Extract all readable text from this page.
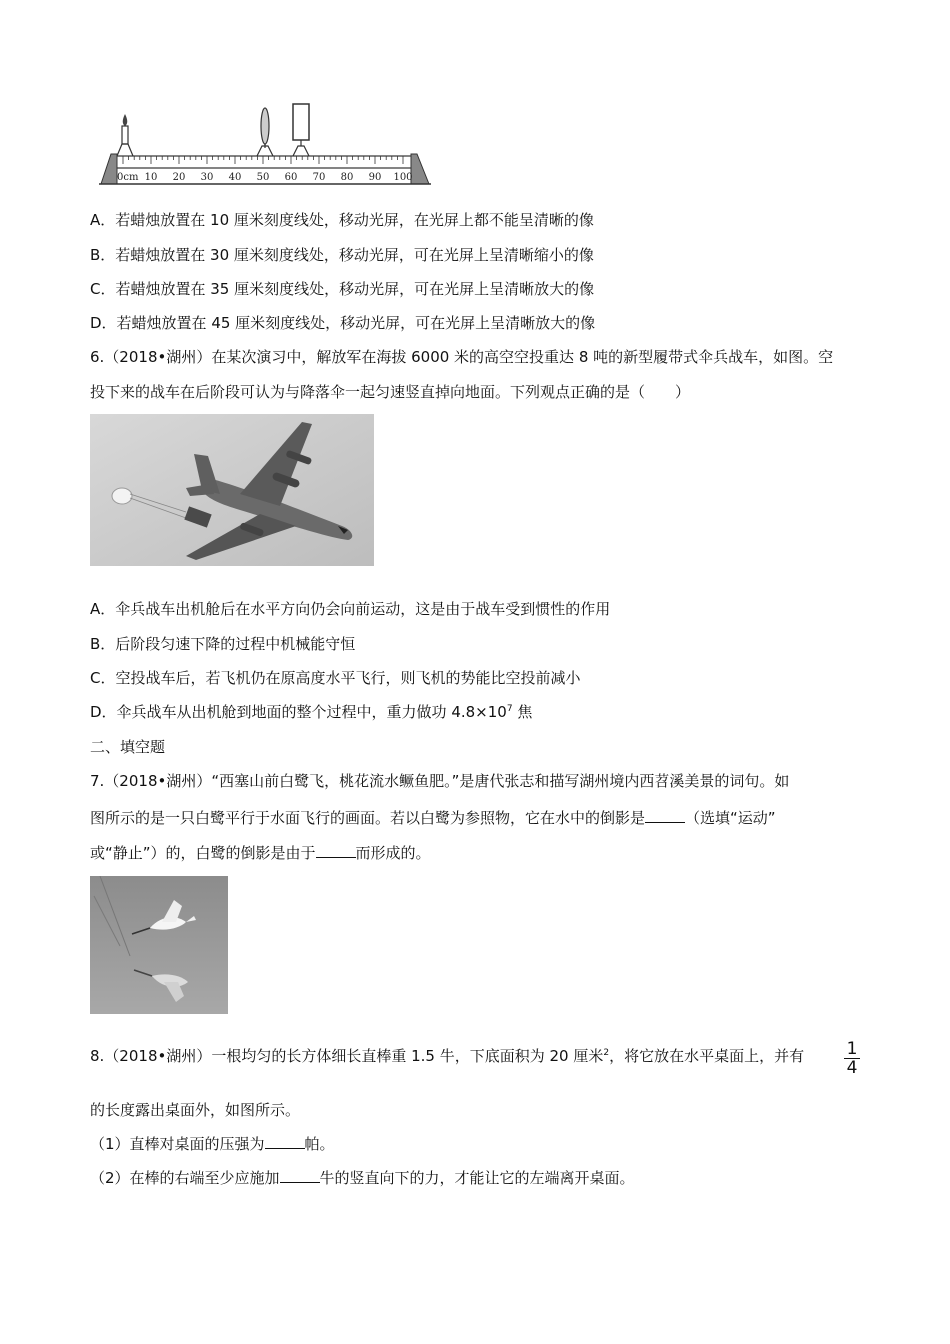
0cm 10 20 30 40 50 60 70 80 90 100
A．若蜡烛放置在 10 厘米刻度线处，移动光屏，在光屏上都不能呈清晰的像
B．若蜡烛放置在 30 厘米刻度线处，移动光屏，可在光屏上呈清晰缩小的像
C．若蜡烛放置在 35 厘米刻度线处，移动光屏，可在光屏上呈清晰放大的像
D．若蜡烛放置在 45 厘米刻度线处，移动光屏，可在光屏上呈清晰放大的像
6.（2018•湖州）在某次演习中，解放军在海拔 6000 米的高空空投重达 8 吨的新型履带式伞兵战车，如图。空
投下来的战车在后阶段可认为与降落伞一起匀速竖直掉向地面。下列观点正确的是（　　）
A．伞兵战车出机舱后在水平方向仍会向前运动，这是由于战车受到惯性的作用
B．后阶段匀速下降的过程中机械能守恒
C．空投战车后，若飞机仍在原高度水平飞行，则飞机的势能比空投前减小
D．伞兵战车从出机舱到地面的整个过程中，重力做功 $4.8\times 10^7$ 焦
二、填空题
7.（2018•湖州）“西塞山前白鹭飞，桃花流水鳜鱼肥。”是唐代张志和描写湖州境内西苕溪美景的词句。如
图所示的是一只白鹭平行于水面飞行的画面。若以白鹭为参照物，它在水中的倒影是	（选填“运动”
或“静止”）的，白鹭的倒影是由于	而形成的。
8.（2018•湖州）一根均匀的长方体细长直棒重 1.5 牛，下底面积为 20 厘米$^2$，将它放在水平桌面上，并有 $\frac{1}{4}$
的长度露出桌面外，如图所示。
（1）直棒对桌面的压强为	帕。
（2）在棒的右端至少应施加	牛的竖直向下的力，才能让它的左端离开桌面。
